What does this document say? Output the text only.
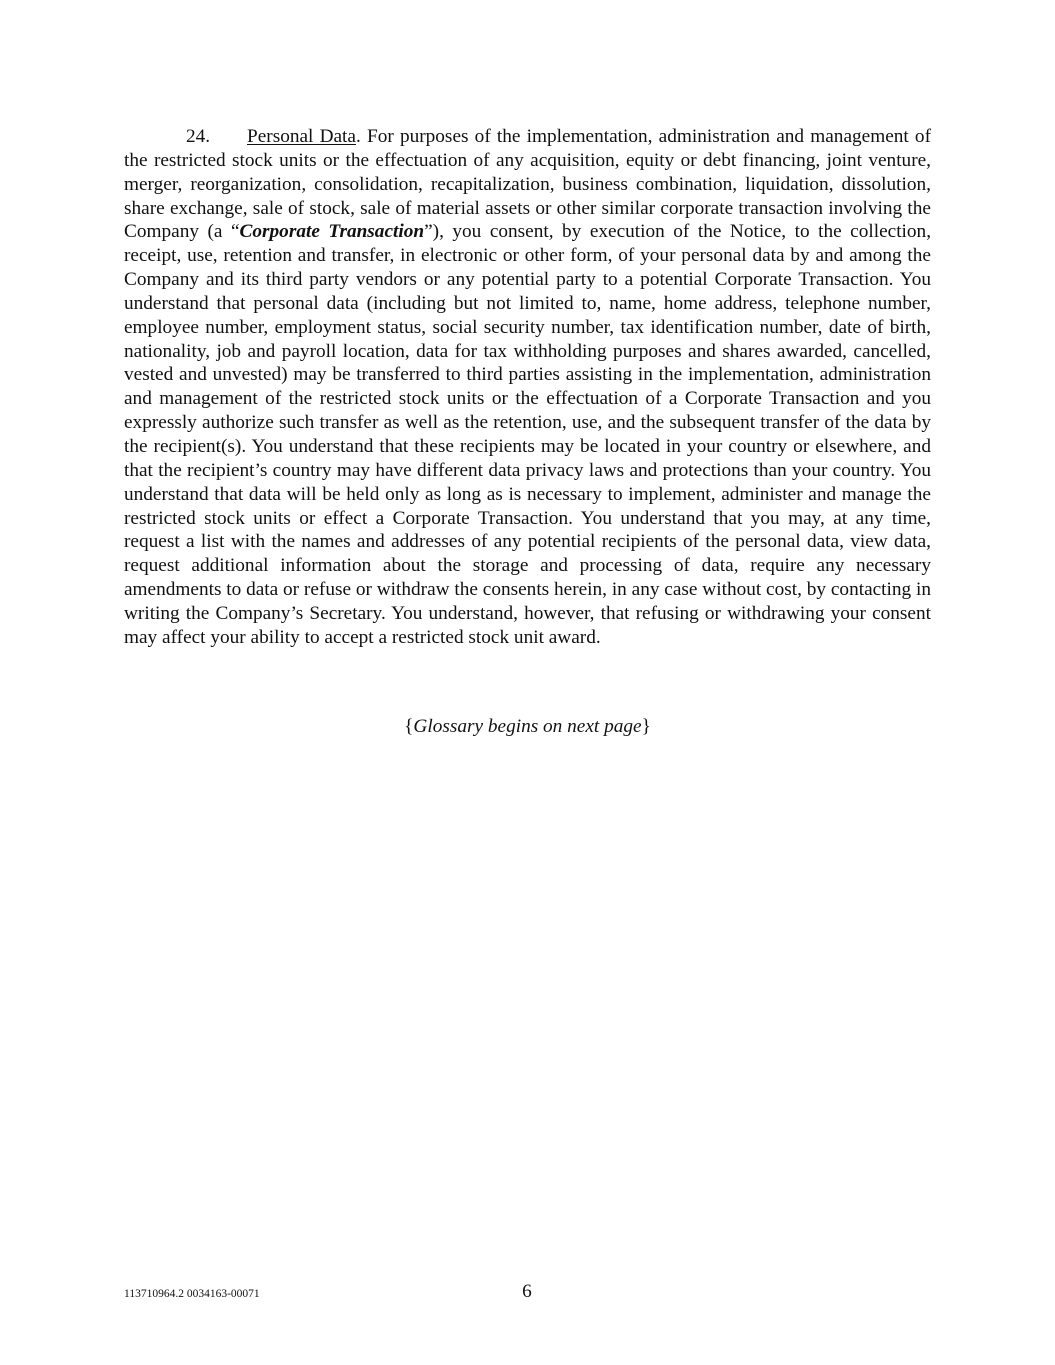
24. Personal Data. For purposes of the implementation, administration and management of the restricted stock units or the effectuation of any acquisition, equity or debt financing, joint venture, merger, reorganization, consolidation, recapitalization, business combination, liquidation, dissolution, share exchange, sale of stock, sale of material assets or other similar corporate transaction involving the Company (a “Corporate Transaction”), you consent, by execution of the Notice, to the collection, receipt, use, retention and transfer, in electronic or other form, of your personal data by and among the Company and its third party vendors or any potential party to a potential Corporate Transaction. You understand that personal data (including but not limited to, name, home address, telephone number, employee number, employment status, social security number, tax identification number, date of birth, nationality, job and payroll location, data for tax withholding purposes and shares awarded, cancelled, vested and unvested) may be transferred to third parties assisting in the implementation, administration and management of the restricted stock units or the effectuation of a Corporate Transaction and you expressly authorize such transfer as well as the retention, use, and the subsequent transfer of the data by the recipient(s). You understand that these recipients may be located in your country or elsewhere, and that the recipient’s country may have different data privacy laws and protections than your country. You understand that data will be held only as long as is necessary to implement, administer and manage the restricted stock units or effect a Corporate Transaction. You understand that you may, at any time, request a list with the names and addresses of any potential recipients of the personal data, view data, request additional information about the storage and processing of data, require any necessary amendments to data or refuse or withdraw the consents herein, in any case without cost, by contacting in writing the Company’s Secretary. You understand, however, that refusing or withdrawing your consent may affect your ability to accept a restricted stock unit award.

{Glossary begins on next page}

113710964.2 0034163-00071	6
